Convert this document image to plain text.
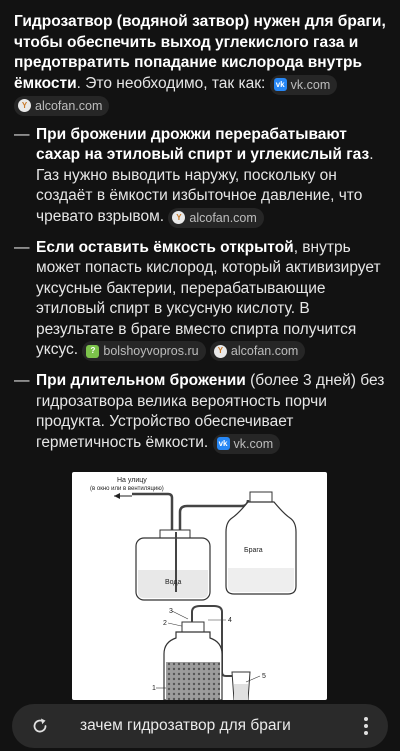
Гидрозатвор (водяной затвор) нужен для браги, чтобы обеспечить выход углекислого газа и предотвратить попадание кислорода внутрь ёмкости. Это необходимо, так как: vk vk.com

Y alcofan.com

— При брожении дрожжи перерабатывают сахар на этиловый спирт и углекислый газ. Газ нужно выводить наружу, поскольку он создаёт в ёмкости избыточное давление, что чревато взрывом.	Y alcofan.com
— Если оставить ёмкость открытой, внутрь может попасть кислород, который активизирует уксусные бактерии, перерабатывающие этиловый спирт в уксусную кислоту. В результате в браге вместо спирта получится уксус.	? bolshoyvopros.ru
	Y alcofan.com
— При длительном брожении (более 3 дней) без гидрозатвора велика вероятность порчи продукта. Устройство обеспечивает герметичность ёмкости. vk vk.com
На улицу
(в окно или в вентиляцию)
Вода
Брага
3
2	4
1
5
зачем гидрозатвор для браги
